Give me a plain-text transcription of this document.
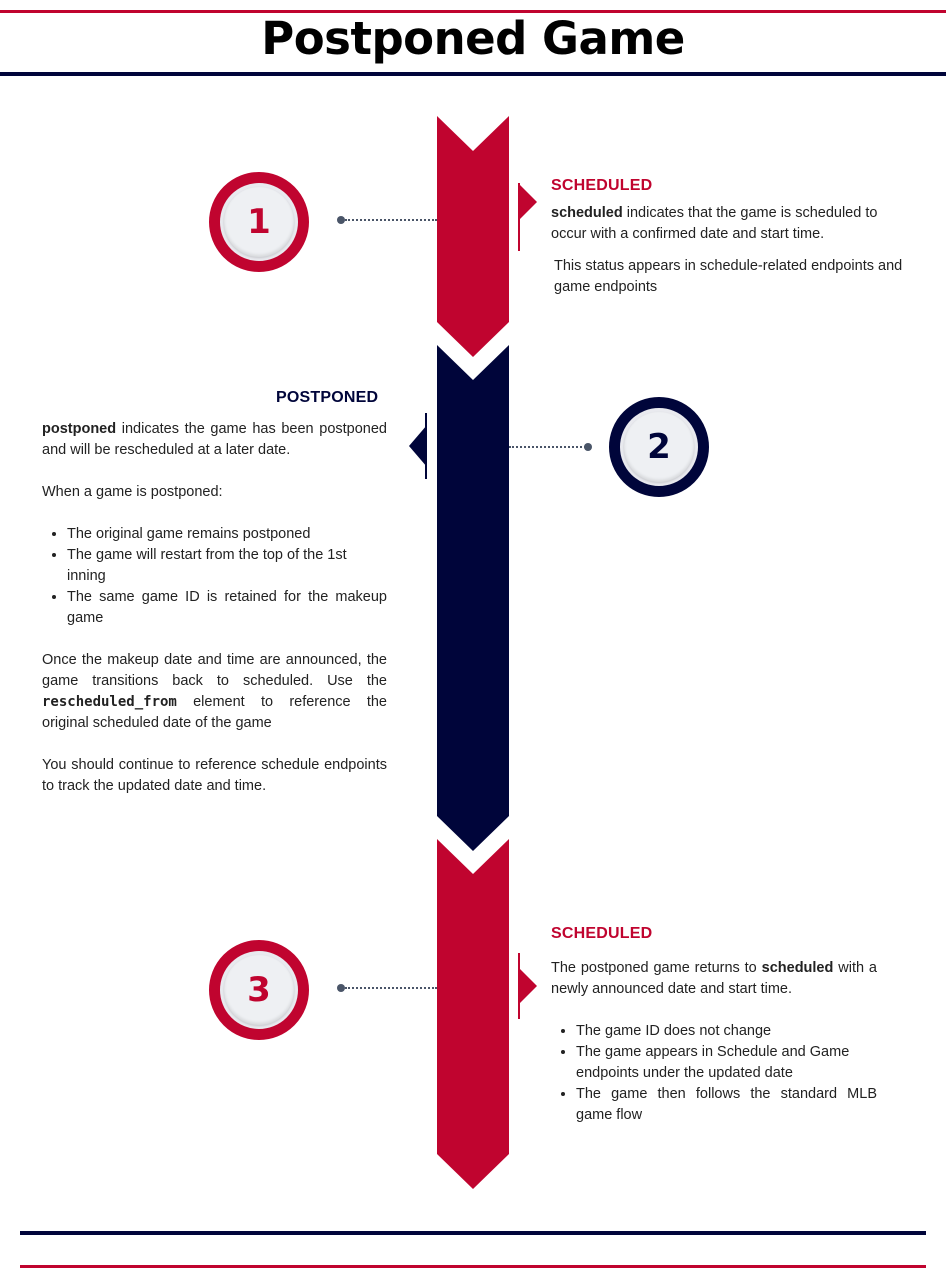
Postponed Game
1
SCHEDULED
scheduled indicates that the game is scheduled to occur with a confirmed date and start time.
This status appears in schedule-related endpoints and game endpoints
2
POSTPONED

postponed indicates the game has been postponed and will be rescheduled at a later date.

When a game is postponed:

• The original game remains postponed
• The game will restart from the top of the 1st inning
• The same game ID is retained for the makeup game

Once the makeup date and time are announced, the game transitions back to scheduled. Use the rescheduled_from element to reference the original scheduled date of the game

You should continue to reference schedule endpoints to track the updated date and time.

3
SCHEDULED

The postponed game returns to scheduled with a newly announced date and start time.

• The game ID does not change
• The game appears in Schedule and Game endpoints under the updated date
• The game then follows the standard MLB game flow
